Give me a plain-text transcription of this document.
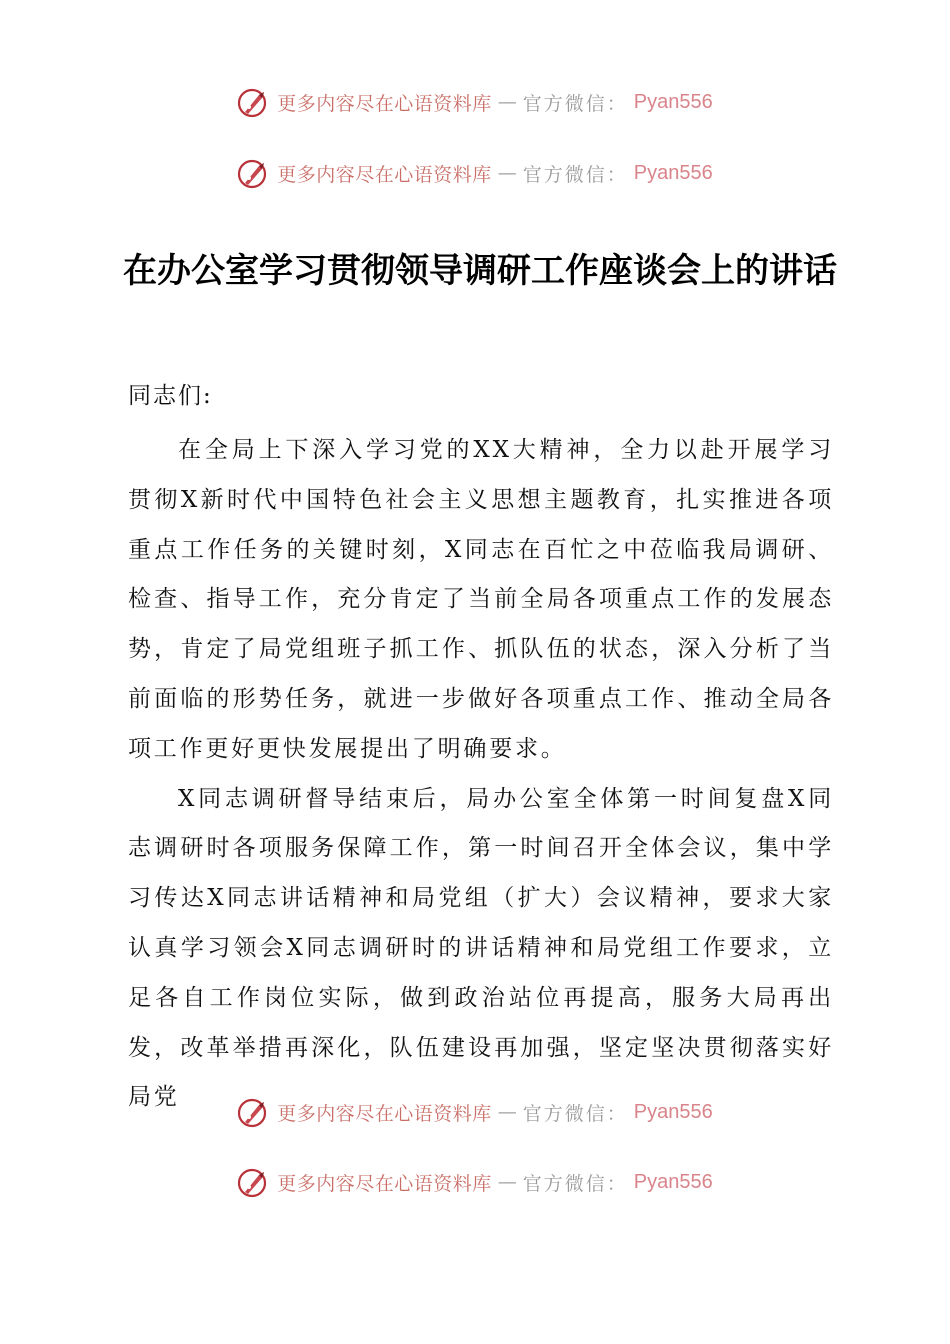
更多内容尽在心语资料库 — 官方微信： Pyan556
更多内容尽在心语资料库 — 官方微信： Pyan556
在办公室学习贯彻领导调研工作座谈会上的讲话

同志们:

在全局上下深入学习党的XX大精神，全力以赴开展学习贯彻X新时代中国特色社会主义思想主题教育，扎实推进各项重点工作任务的关键时刻，X同志在百忙之中莅临我局调研、检查、指导工作，充分肯定了当前全局各项重点工作的发展态势，肯定了局党组班子抓工作、抓队伍的状态，深入分析了当前面临的形势任务，就进一步做好各项重点工作、推动全局各项工作更好更快发展提出了明确要求。

X同志调研督导结束后，局办公室全体第一时间复盘X同志调研时各项服务保障工作，第一时间召开全体会议，集中学习传达X同志讲话精神和局党组（扩大）会议精神，要求大家认真学习领会X同志调研时的讲话精神和局党组工作要求，立足各自工作岗位实际，做到政治站位再提高，服务大局再出发，改革举措再深化，队伍建设再加强，坚定坚决贯彻落实好局党

更多内容尽在心语资料库 — 官方微信： Pyan556
更多内容尽在心语资料库 — 官方微信： Pyan556
